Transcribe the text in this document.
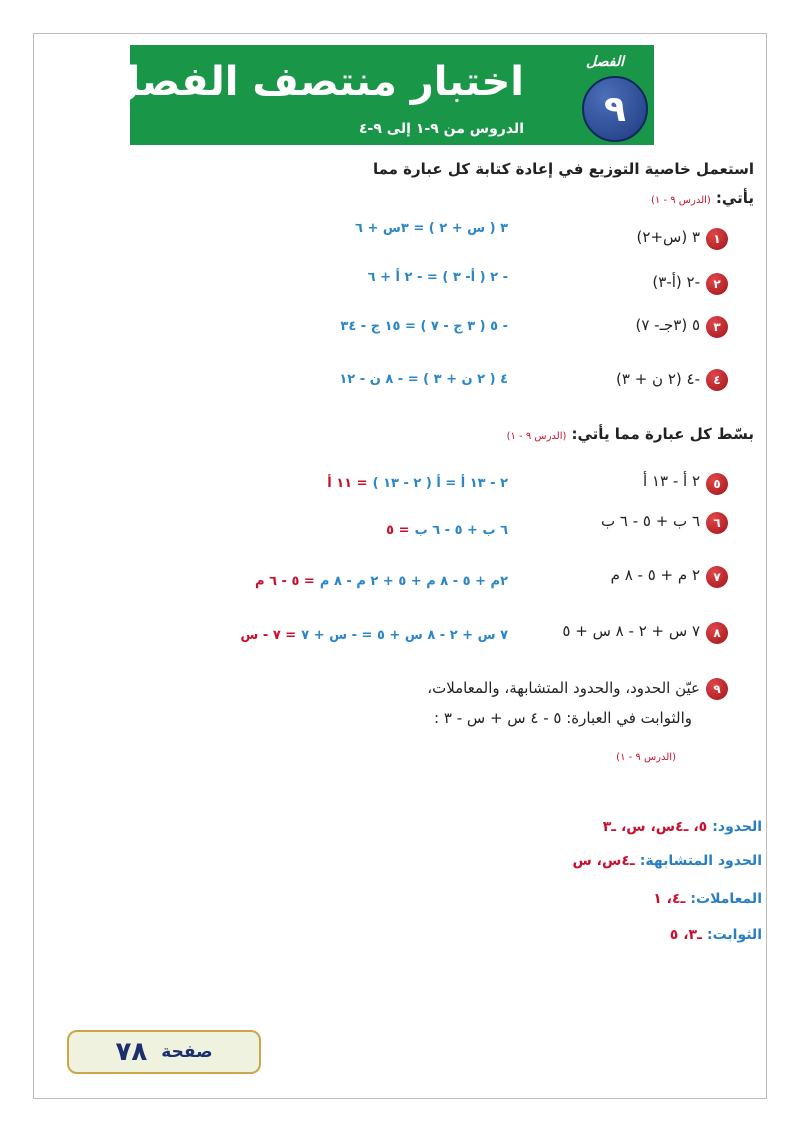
اختبار منتصف الفصل
الدروس من ٩-١ إلى ٩-٤
الفصل
٩
استعمل خاصية التوزيع في إعادة كتابة كل عبارة مما
يأتي: (الدرس ٩ - ١)
١
٣ (س+٢)
٣ ( س + ٢ ) = ٣س + ٦
٢
-٢ (أ-٣)
- ٢ ( أ- ٣ ) = - ٢ أ + ٦
٣
٥ (٣جـ- ٧)
- ٥ ( ٣ ج - ٧ ) = ١٥ ج - ٣٤
٤
-٤ (٢ ن + ٣)
٤ ( ٢ ن + ٣ ) = - ٨ ن - ١٢
بسّط كل عبارة مما يأتي: (الدرس ٩ - ١)
٥
٢ أ - ١٣ أ
٢ - ١٣ أ = أ ( ٢ - ١٣ ) = ١١ أ
٦
٦ ب + ٥ - ٦ ب
٦ ب + ٥ - ٦ ب = ٥
٧
٢ م + ٥ - ٨ م
٢م + ٥ - ٨ م + ٥ + ٢ م - ٨ م = ٥ - ٦ م
٨
٧ س + ٢ - ٨ س + ٥
٧ س + ٢ - ٨ س + ٥ = - س + ٧ = ٧ - س
٩
عيّن الحدود، والحدود المتشابهة، والمعاملات،
والثوابت في العبارة: ٥ - ٤ س + س - ٣ :
(الدرس ٩ - ١)
الحدود: ٥، ـ٤س، س، ـ٣
الحدود المتشابهة: ـ٤س، س
المعاملات: ـ٤، ١
الثوابت: ـ٣، ٥
صفحة
٧٨
